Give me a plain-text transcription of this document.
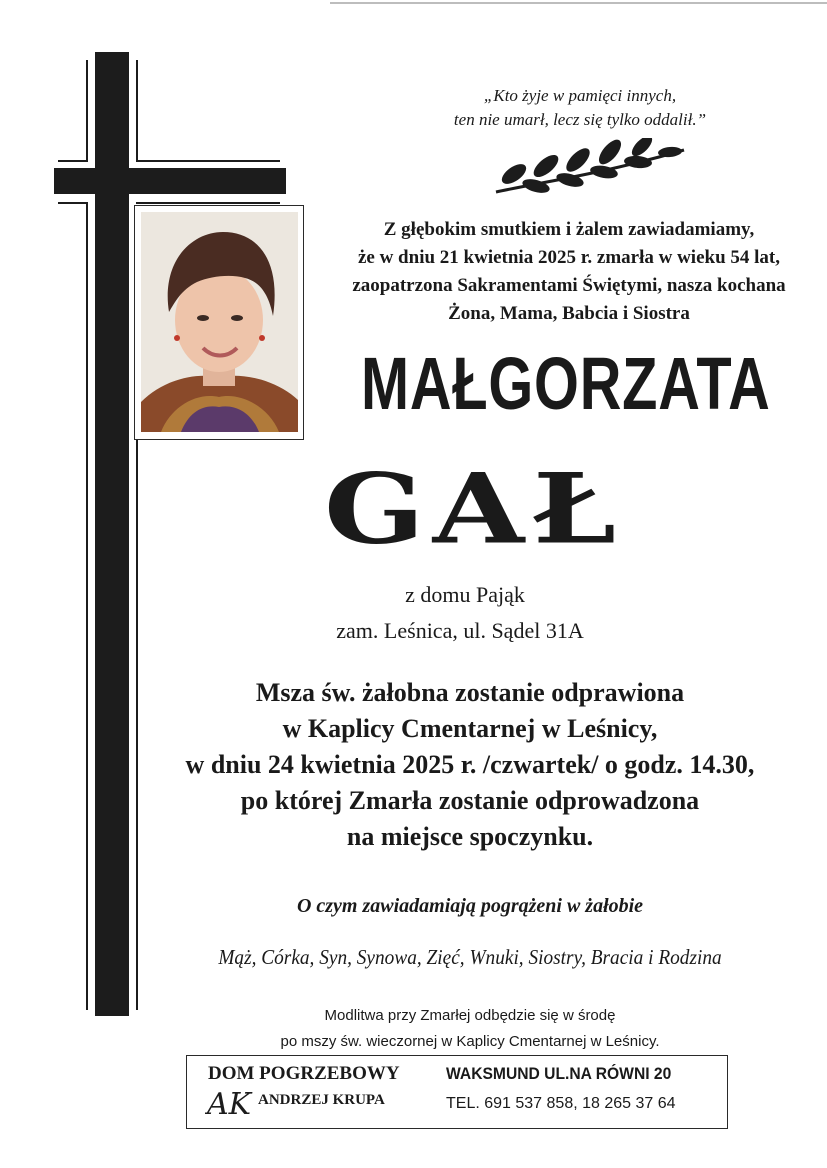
„Kto żyje w pamięci innych,
ten nie umarł, lecz się tylko oddalił.”
Z głębokim smutkiem i żalem zawiadamiamy,
że w dniu 21 kwietnia 2025 r. zmarła w wieku 54 lat,
zaopatrzona Sakramentami Świętymi, nasza kochana
Żona, Mama, Babcia i Siostra
MAŁGORZATA
GAŁ
z domu Pająk
zam. Leśnica, ul. Sądel 31A
Msza św. żałobna zostanie odprawiona
w Kaplicy Cmentarnej w Leśnicy,
w dniu 24 kwietnia 2025 r. /czwartek/ o godz. 14.30,
po której Zmarła zostanie odprowadzona
na miejsce spoczynku.
O czym zawiadamiają pogrążeni w żałobie
Mąż, Córka, Syn, Synowa, Zięć, Wnuki, Siostry, Bracia i Rodzina
Modlitwa przy Zmarłej odbędzie się w środę
po mszy św. wieczornej w Kaplicy Cmentarnej w Leśnicy.
DOM POGRZEBOWY
AK ANDRZEJ KRUPA
WAKSMUND UL.NA RÓWNI 20
TEL. 691 537 858, 18 265 37 64
